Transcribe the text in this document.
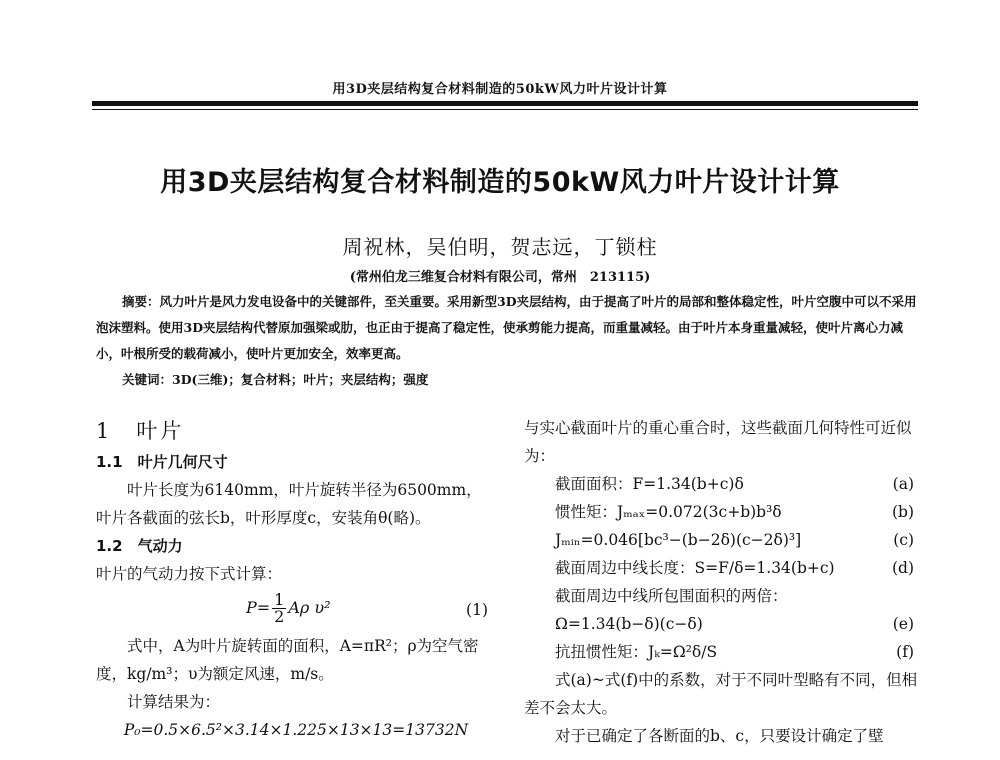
用3D夹层结构复合材料制造的50kW风力叶片设计计算
用3D夹层结构复合材料制造的50kW风力叶片设计计算
周祝林，吴伯明，贺志远，丁锁柱
(常州伯龙三维复合材料有限公司，常州　213115)

摘要：风力叶片是风力发电设备中的关键部件，至关重要。采用新型3D夹层结构，由于提高了叶片的局部和整体稳定性，叶片空腹中可以不采用泡沫塑料。使用3D夹层结构代替原加强梁或肋，也正由于提高了稳定性，使承剪能力提高，而重量减轻。由于叶片本身重量减轻，使叶片离心力减小，叶根所受的载荷减小，使叶片更加安全，效率更高。

关键词：3D(三维)；复合材料；叶片；夹层结构；强度

1　叶片

1.1　叶片几何尺寸

叶片长度为6140mm，叶片旋转半径为6500mm，叶片各截面的弦长b，叶形厚度c，安装角θ(略)。

1.2　气动力

叶片的气动力按下式计算：

$P= \frac{1}{2}$ Aρ υ²	(1)

式中，A为叶片旋转面的面积，A=πR²；ρ为空气密度，kg/m³；υ为额定风速，m/s。

计算结果为：

P₀=0.5×6.5²×3.14×1.225×13×13=13732N

与实心截面叶片的重心重合时，这些截面几何特性可近似为：

截面面积：F=1.34(b+c)δ	(a)
惯性矩：Jₘₐₓ=0.072(3c+b)b³δ	(b)
Jₘᵢₙ=0.046[bc³−(b−2δ)(c−2δ)³]	(c)
截面周边中线长度：S=F/δ=1.34(b+c)	(d)
截面周边中线所包围面积的两倍：
Ω=1.34(b−δ)(c−δ)	(e)
抗扭惯性矩：Jₖ=Ω²δ/S	(f)

式(a)~式(f)中的系数，对于不同叶型略有不同，但相差不会太大。

对于已确定了各断面的b、c，只要设计确定了壁
